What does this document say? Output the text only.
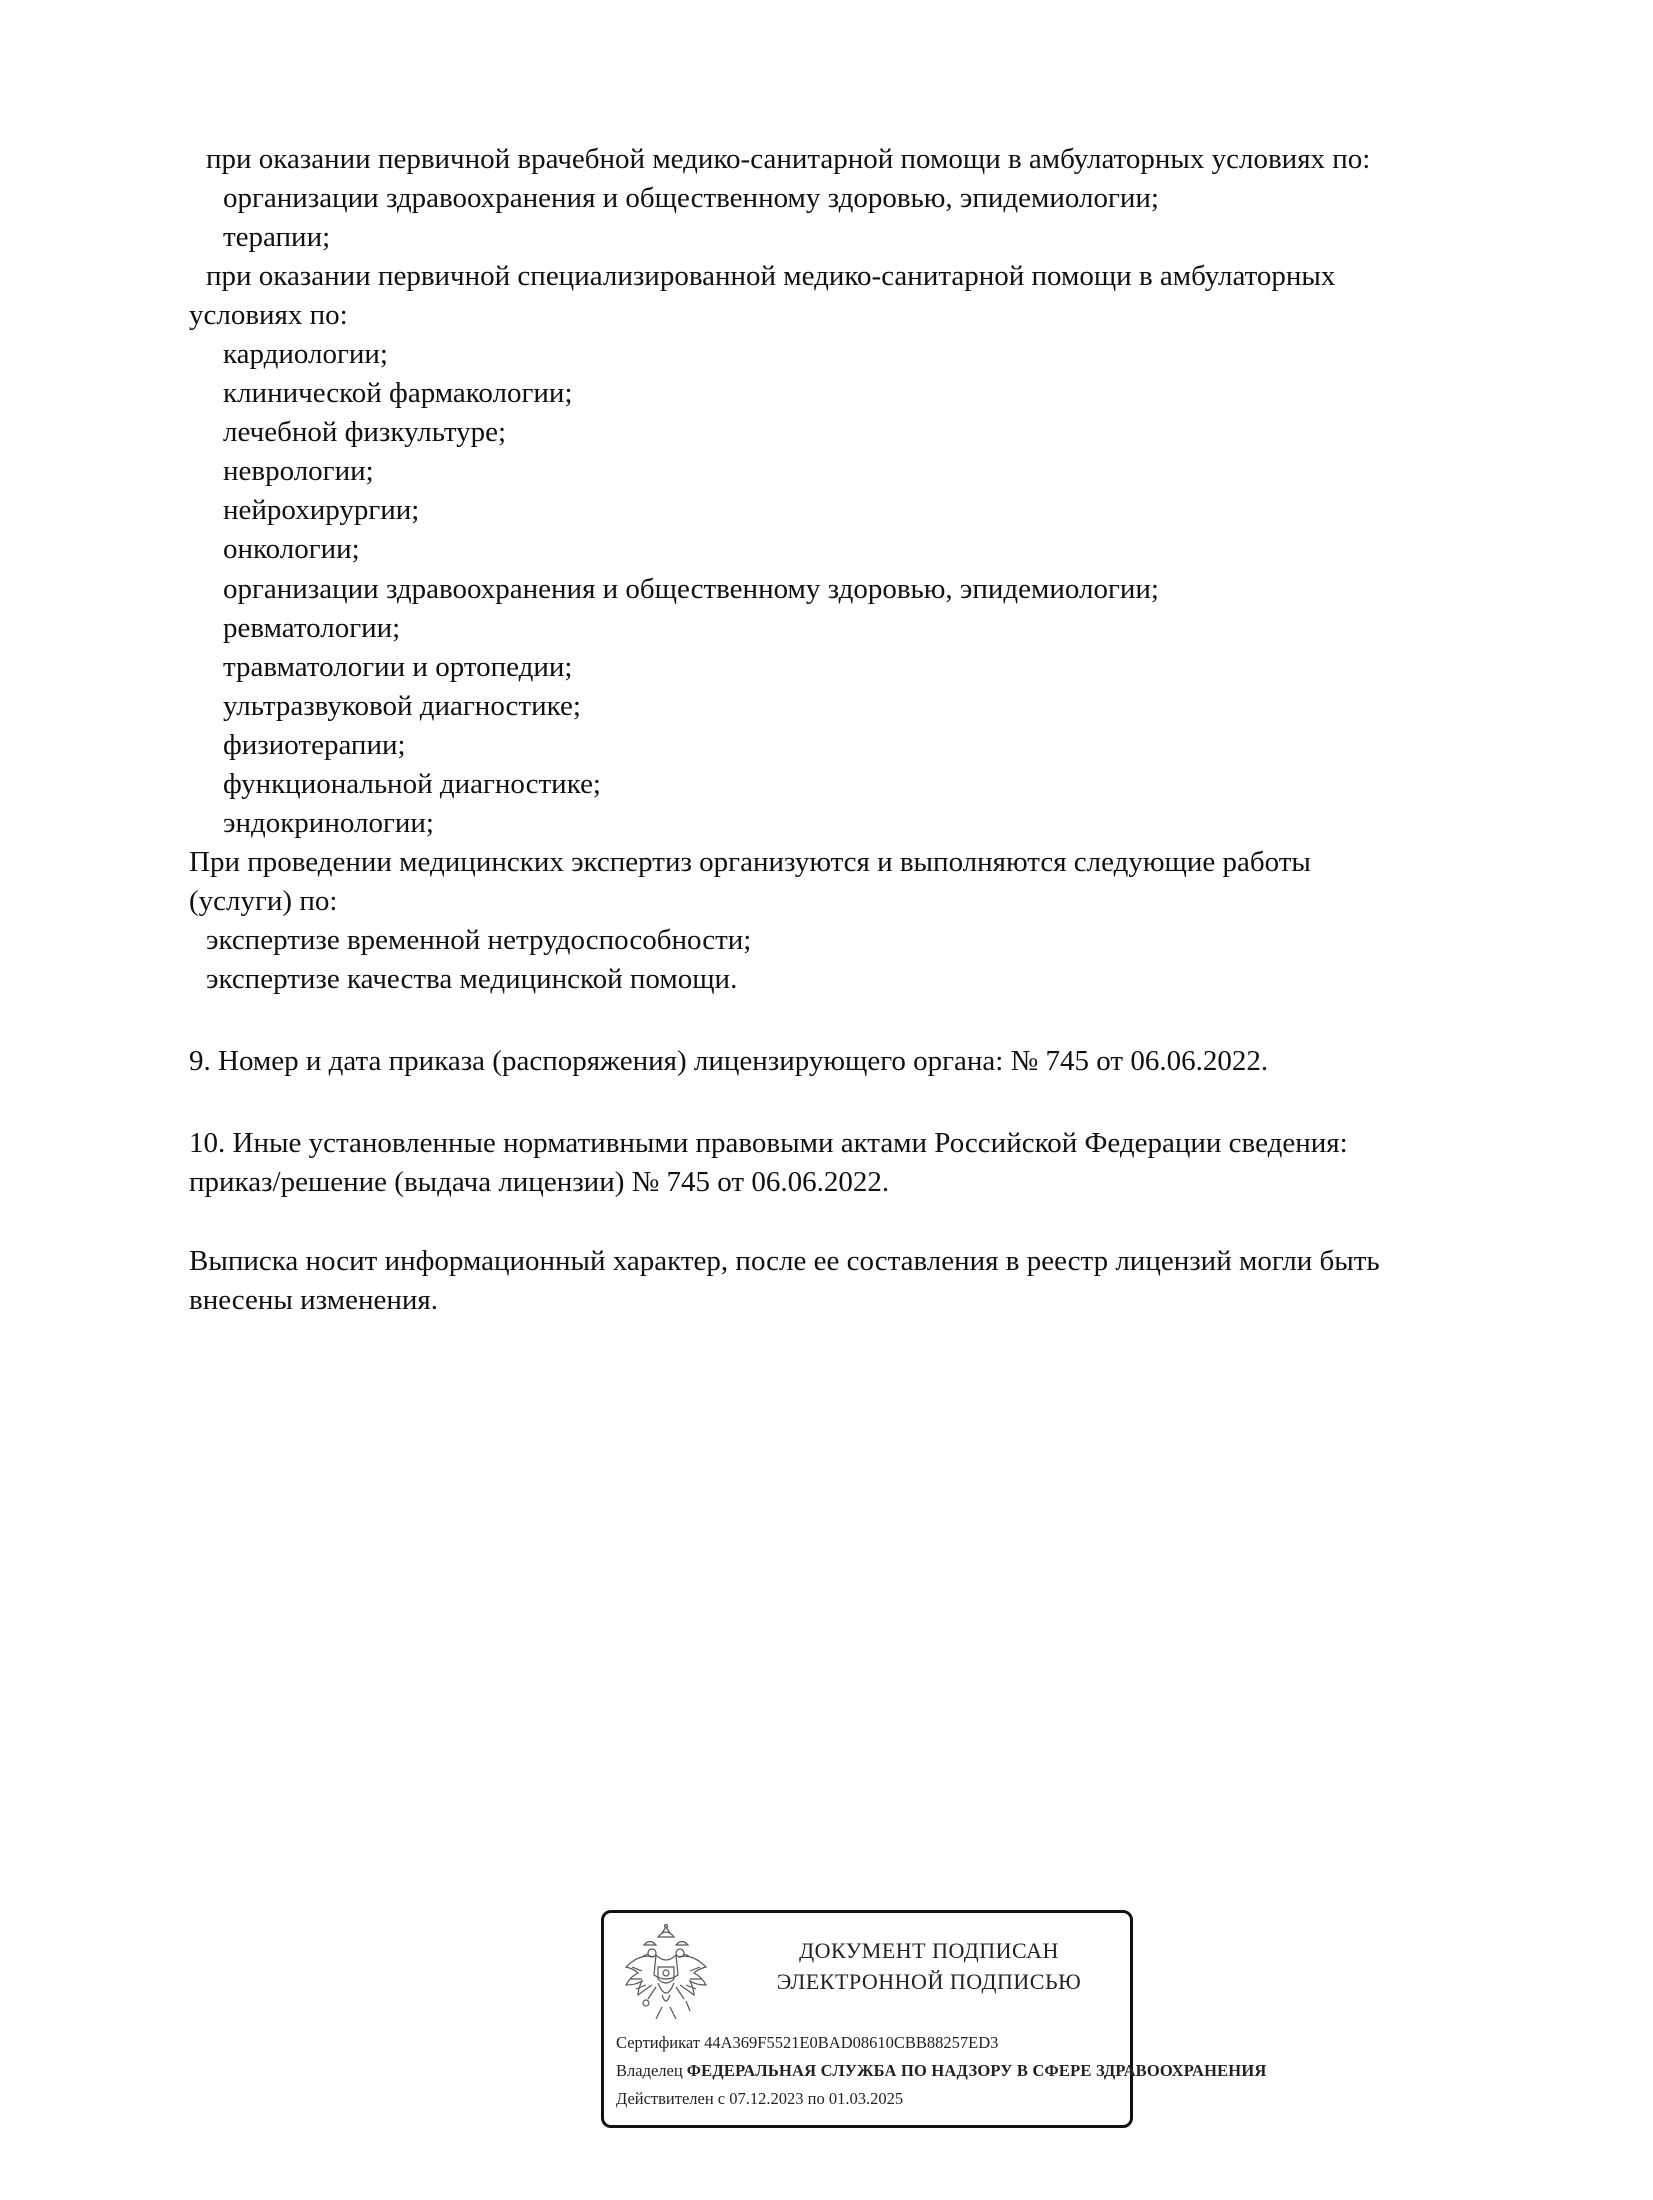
при оказании первичной врачебной медико-санитарной помощи в амбулаторных условиях по:
организации здравоохранения и общественному здоровью, эпидемиологии;
терапии;
при оказании первичной специализированной медико-санитарной помощи в амбулаторных
условиях по:
кардиологии;
клинической фармакологии;
лечебной физкультуре;
неврологии;
нейрохирургии;
онкологии;
организации здравоохранения и общественному здоровью, эпидемиологии;
ревматологии;
травматологии и ортопедии;
ультразвуковой диагностике;
физиотерапии;
функциональной диагностике;
эндокринологии;
При проведении медицинских экспертиз организуются и выполняются следующие работы
(услуги) по:
экспертизе временной нетрудоспособности;
экспертизе качества медицинской помощи.
9. Номер и дата приказа (распоряжения) лицензирующего органа: № 745 от 06.06.2022.
10. Иные установленные нормативными правовыми актами Российской Федерации сведения:
приказ/решение (выдача лицензии) № 745 от 06.06.2022.
Выписка носит информационный характер, после ее составления в реестр лицензий могли быть
внесены изменения.
ДОКУМЕНТ ПОДПИСАН
ЭЛЕКТРОННОЙ ПОДПИСЬЮ
Сертификат 44A369F5521E0BAD08610CBB88257ED3
Владелец ФЕДЕРАЛЬНАЯ СЛУЖБА ПО НАДЗОРУ В СФЕРЕ ЗДРАВООХРАНЕНИЯ
Действителен с 07.12.2023 по 01.03.2025
